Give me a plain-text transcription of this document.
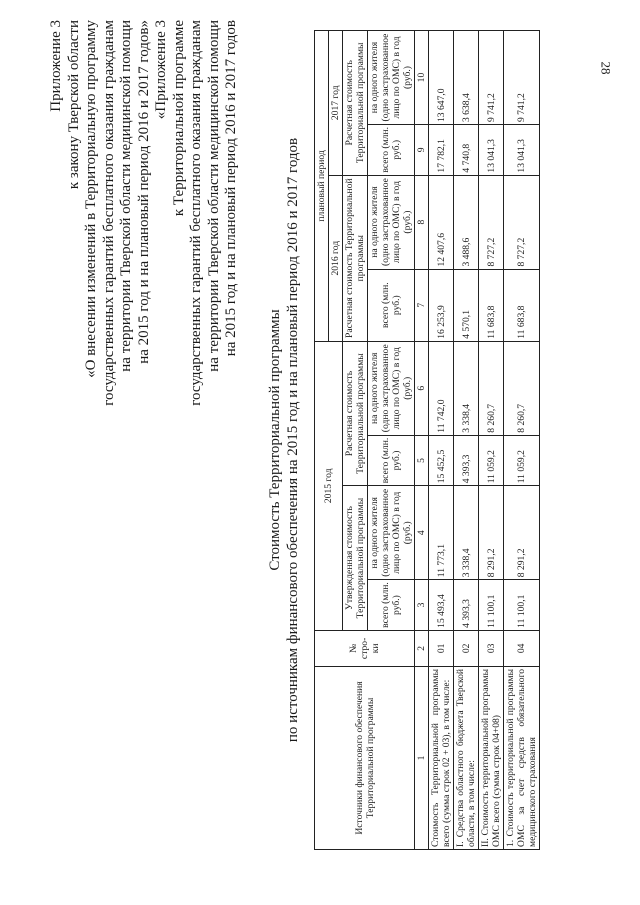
28
Приложение 3 к закону Тверской области «О внесении изменений в Территориальную программу государственных гарантий бесплатного оказания гражданам на территории Тверской области медицинской помощи на 2015 год и на плановый период 2016 и 2017 годов» «Приложение 3 к Территориальной программе государственных гарантий бесплатного оказания гражданам на территории Тверской области медицинской помощи на 2015 год и на плановый период 2016 и 2017 годов
Стоимость Территориальной программы по источникам финансового обеспечения на 2015 год и на плановый период 2016 и 2017 годов
Источники финансового обеспечения Территориальной программы	№ стро-ки	2015 год				плановый период			
						2016 год		2017 год	
		Утвержденная стоимость Территориальной программы		Расчетная стоимость Территориальной программы		Расчетная стоимость Территориальной программы		Расчетная стоимость Территориальной программы	
		всего (млн. руб.)	на одного жителя (одно застрахованное лицо по ОМС) в год (руб.)	всего (млн. руб.)	на одного жителя (одно застрахованное лицо по ОМС) в год (руб.)	всего (млн. руб.)	на одного жителя (одно застрахованное лицо по ОМС) в год (руб.)	всего (млн. руб.)	на одного жителя (одно застрахованное лицо по ОМС) в год (руб.)
1	2	3	4	5	6	7	8	9	10
Стоимость Территориальной программы всего (сумма строк 02 + 03), в том числе:	01	15 493,4	11 773,1	15 452,5	11 742,0	16 253,9	12 407,6	17 782,1	13 647,0
I. Средства областного бюджета Тверской области, в том числе:	02	4 393,3	3 338,4	4 393,3	3 338,4	4 570,1	3 488,6	4 740,8	3 638,4
II. Стоимость территориальной программы ОМС всего (сумма строк 04+08)	03	11 100,1	8 291,2	11 059,2	8 260,7	11 683,8	8 727,2	13 041,3	9 741,2
1. Стоимость территориальной программы ОМС за счет средств обязательного медицинского страхования	04	11 100,1	8 291,2	11 059,2	8 260,7	11 683,8	8 727,2	13 041,3	9 741,2
